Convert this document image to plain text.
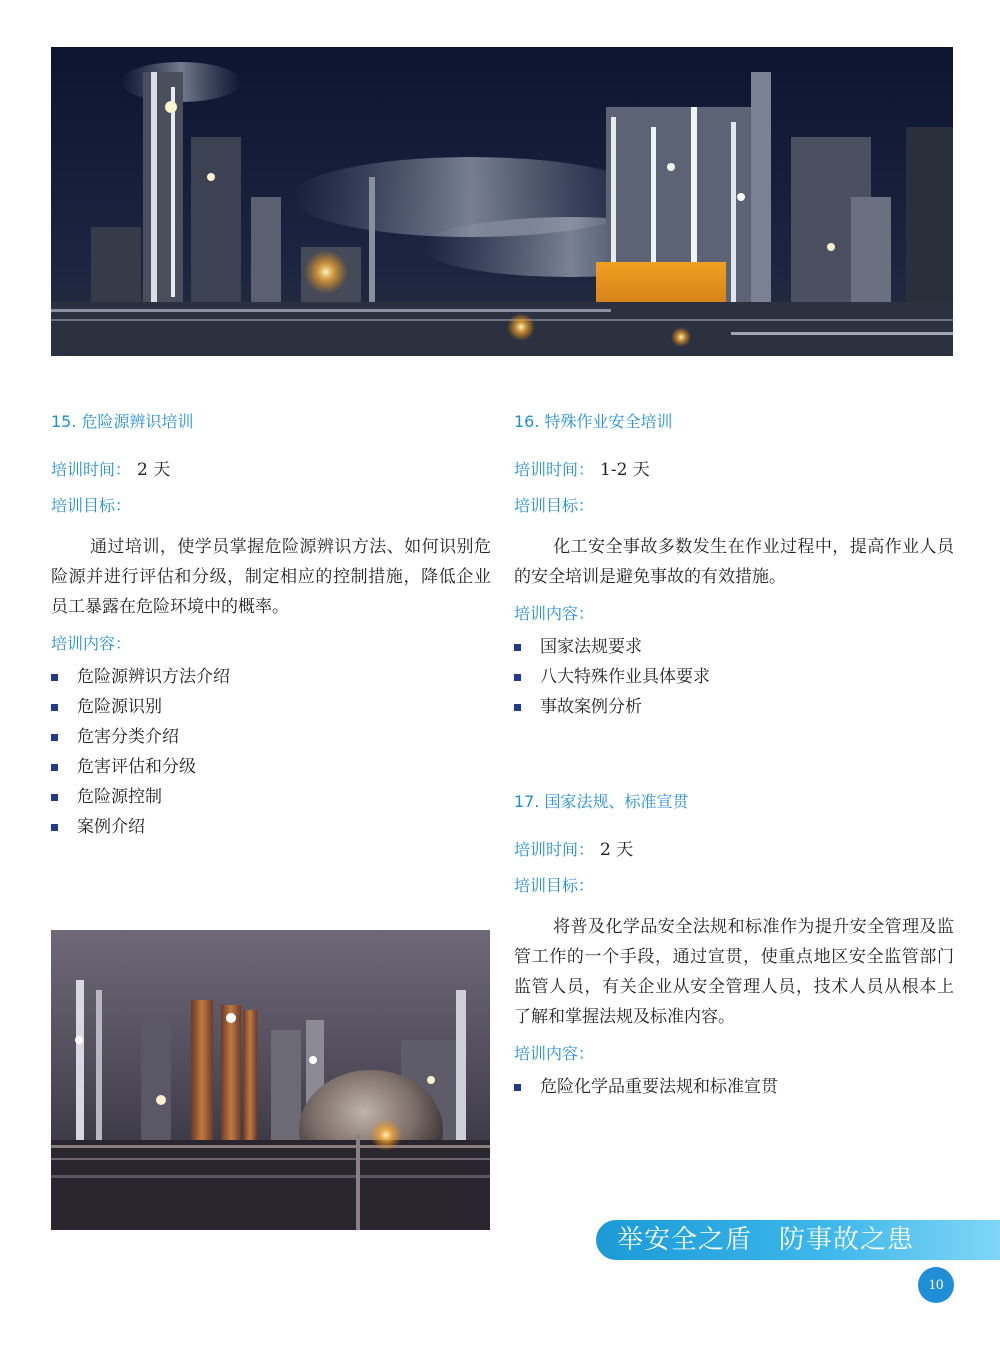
15. 危险源辨识培训
培训时间： 2 天
培训目标：

通过培训，使学员掌握危险源辨识方法、如何识别危险源并进行评估和分级，制定相应的控制措施，降低企业员工暴露在危险环境中的概率。

培训内容：
危险源辨识方法介绍
危险源识别
危害分类介绍
危害评估和分级
危险源控制
案例介绍
16. 特殊作业安全培训
培训时间： 1-2 天
培训目标：

化工安全事故多数发生在作业过程中，提高作业人员的安全培训是避免事故的有效措施。

培训内容：
国家法规要求
八大特殊作业具体要求
事故案例分析
17. 国家法规、标准宣贯
培训时间： 2 天
培训目标：

将普及化学品安全法规和标准作为提升安全管理及监管工作的一个手段，通过宣贯，使重点地区安全监管部门监管人员，有关企业从安全管理人员，技术人员从根本上了解和掌握法规及标准内容。

培训内容：
危险化学品重要法规和标准宣贯
举安全之盾　防事故之患
10
